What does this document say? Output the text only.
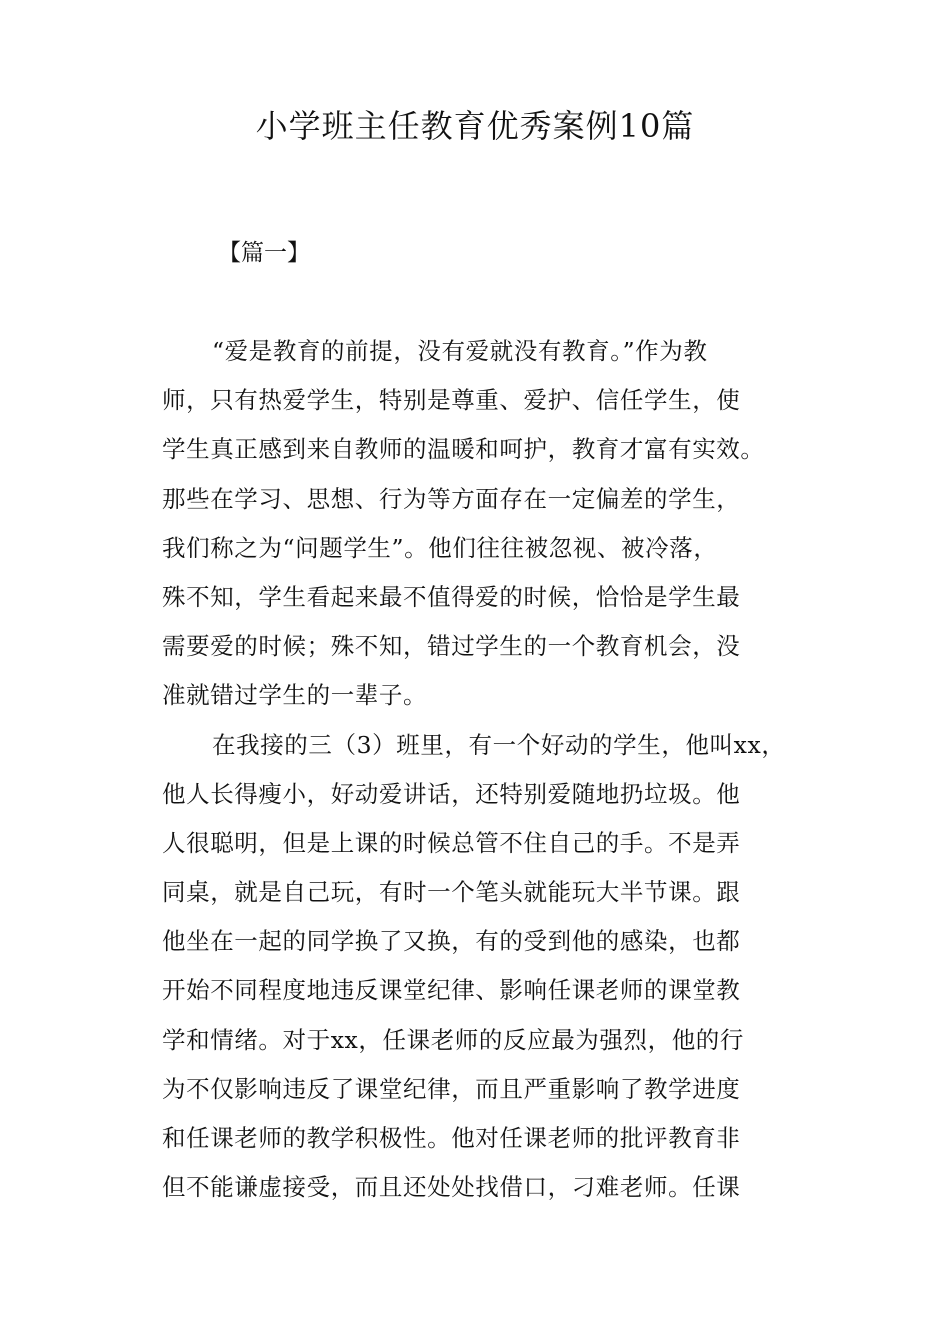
小学班主任教育优秀案例10篇
【篇一】
“爱是教育的前提，没有爱就没有教育。”作为教
师，只有热爱学生，特别是尊重、爱护、信任学生，使
学生真正感到来自教师的温暖和呵护，教育才富有实效。
那些在学习、思想、行为等方面存在一定偏差的学生，
我们称之为“问题学生”。他们往往被忽视、被冷落，
殊不知，学生看起来最不值得爱的时候，恰恰是学生最
需要爱的时候；殊不知，错过学生的一个教育机会，没
准就错过学生的一辈子。
在我接的三（3）班里，有一个好动的学生，他叫xx，
他人长得瘦小，好动爱讲话，还特别爱随地扔垃圾。他
人很聪明，但是上课的时候总管不住自己的手。不是弄
同桌，就是自己玩，有时一个笔头就能玩大半节课。跟
他坐在一起的同学换了又换，有的受到他的感染，也都
开始不同程度地违反课堂纪律、影响任课老师的课堂教
学和情绪。对于xx，任课老师的反应最为强烈，他的行
为不仅影响违反了课堂纪律，而且严重影响了教学进度
和任课老师的教学积极性。他对任课老师的批评教育非
但不能谦虚接受，而且还处处找借口，刁难老师。任课
